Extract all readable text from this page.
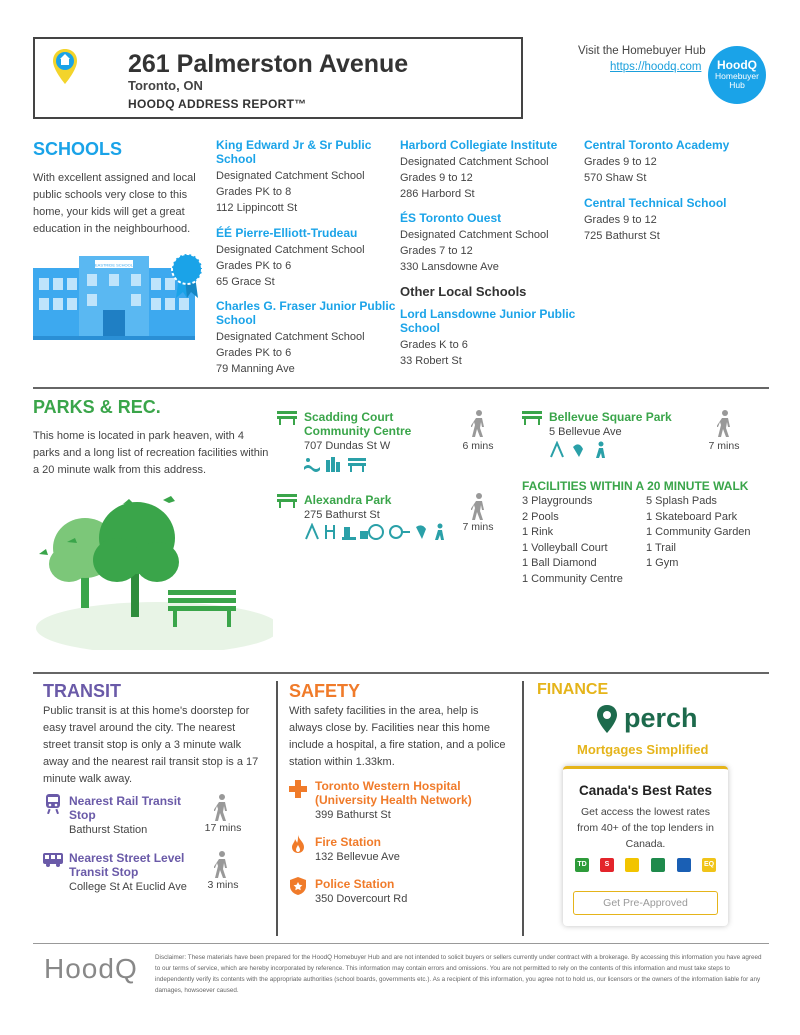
261 Palmerston Avenue
Toronto, ON
HOODQ ADDRESS REPORT™
Visit the Homebuyer Hub
https://hoodq.com	HoodQ
Homebuyer
Hub
SCHOOLS
With excellent assigned and local public schools very close to this home, your kids will get a great education in the neighbourhood.
EASTRIDE SCHOOL
King Edward Jr & Sr Public School
Designated Catchment School
Grades PK to 8
112 Lippincott St
ÉÉ Pierre-Elliott-Trudeau
Designated Catchment School
Grades PK to 6
65 Grace St
Charles G. Fraser Junior Public School
Designated Catchment School
Grades PK to 6
79 Manning Ave
Harbord Collegiate Institute
Designated Catchment School
Grades 9 to 12
286 Harbord St
ÉS Toronto Ouest
Designated Catchment School
Grades 7 to 12
330 Lansdowne Ave
Other Local Schools
Lord Lansdowne Junior Public School
Grades K to 6
33 Robert St
Central Toronto Academy
Grades 9 to 12
570 Shaw St
Central Technical School
Grades 9 to 12
725 Bathurst St
PARKS & REC.
This home is located in park heaven, with 4 parks and a long list of recreation facilities within a 20 minute walk from this address.
Scadding Court Community Centre
707 Dundas St W	6 mins
Alexandra Park
275 Bathurst St
7 mins
Bellevue Square Park
5 Bellevue Ave
7 mins
FACILITIES WITHIN A 20 MINUTE WALK
3 Playgrounds
2 Pools
1 Rink
1 Volleyball Court
1 Ball Diamond
1 Community Centre
5 Splash Pads
1 Skateboard Park
1 Community Garden
1 Trail
1 Gym
TRANSIT
Public transit is at this home's doorstep for easy travel around the city. The nearest street transit stop is only a 3 minute walk away and the nearest rail transit stop is a 17 minute walk away.
Nearest Rail Transit Stop
Bathurst Station	17 mins
Nearest Street Level Transit Stop
College St At Euclid Ave	3 mins
SAFETY
With safety facilities in the area, help is always close by. Facilities near this home include a hospital, a fire station, and a police station within 1.33km.
Toronto Western Hospital (University Health Network)
399 Bathurst St
Fire Station
132 Bellevue Ave
Police Station
350 Dovercourt Rd
FINANCE
perch
Mortgages Simplified
Canada's Best Rates
Get access the lowest rates from 40+ of the top lenders in Canada.
TD	S	EQ
Get Pre-Approved
HoodQ	Disclaimer: These materials have been prepared for the HoodQ Homebuyer Hub and are not intended to solicit buyers or sellers currently under contract with a brokerage. By accessing this information you have agreed to our terms of service, which are hereby incorporated by reference. This information may contain errors and omissions. You are not permitted to rely on the contents of this information and must take steps to independently verify its contents with the appropriate authorities (school boards, governments etc.). As a recipient of this information, you agree not to hold us, our licensors or the owners of the information liable for any damages, howsoever caused.
